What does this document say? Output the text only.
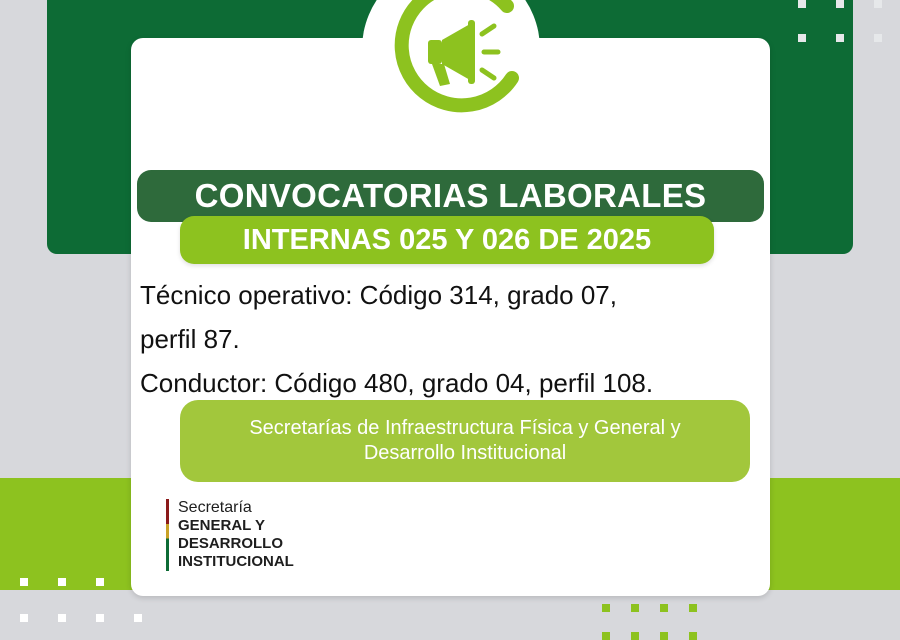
CONVOCATORIAS LABORALES
INTERNAS 025 Y 026 DE 2025
Técnico operativo: Código 314, grado 07,
perfil 87.
Conductor: Código 480, grado 04, perfil 108.
Secretarías de Infraestructura Física y General y
Desarrollo Institucional
Secretaría
GENERAL Y
DESARROLLO
INSTITUCIONAL
